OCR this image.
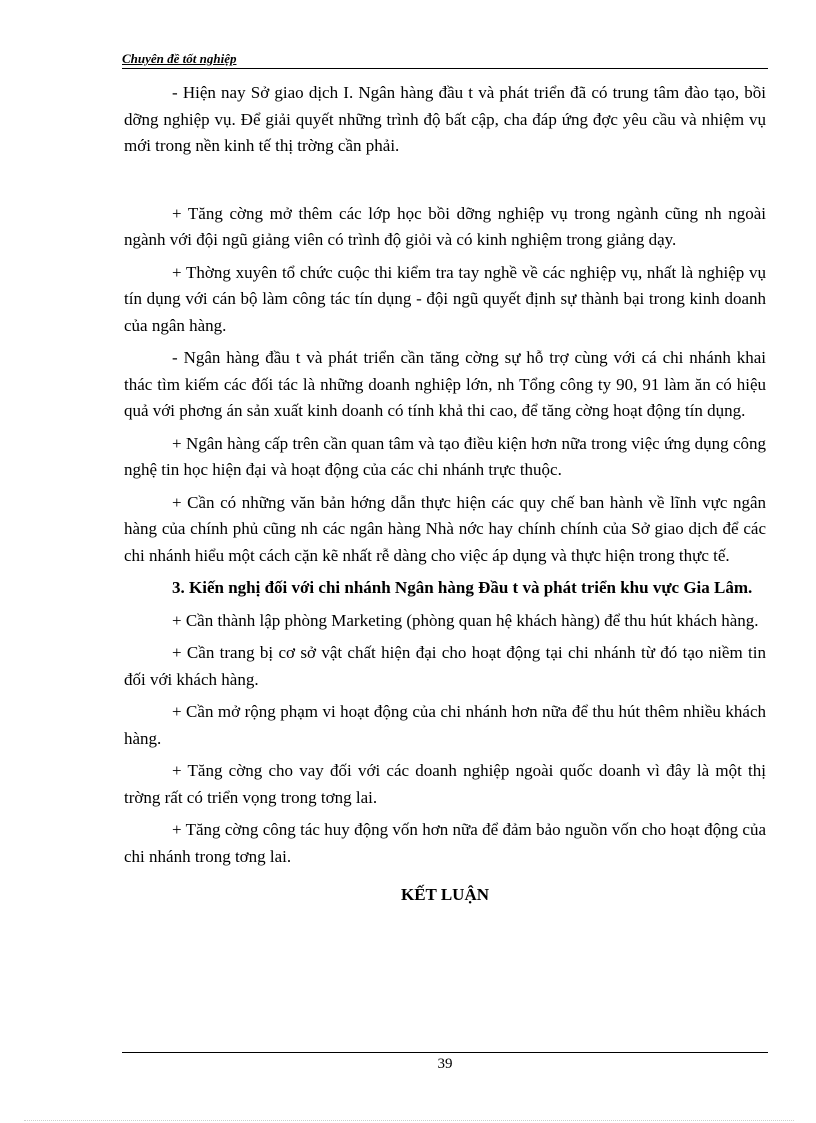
Chuyên đề tốt nghiệp

- Hiện nay Sở giao dịch I. Ngân hàng đầu t và phát triển đã có trung tâm đào tạo, bồi dỡng nghiệp vụ. Để giải quyết những trình độ bất cập, cha đáp ứng đợc yêu cầu và nhiệm vụ mới trong nền kinh tế thị trờng cần phải.

+ Tăng cờng mở thêm các lớp học bồi dỡng nghiệp vụ trong ngành cũng nh ngoài ngành với đội ngũ giảng viên có trình độ giỏi và có kinh nghiệm trong giảng dạy.

+ Thờng xuyên tổ chức cuộc thi kiểm tra tay nghề về các nghiệp vụ, nhất là nghiệp vụ tín dụng với cán bộ làm công tác tín dụng - đội ngũ quyết định sự thành bại trong kinh doanh của ngân hàng.

- Ngân hàng đầu t và phát triển cần tăng cờng sự hỗ trợ cùng với cá chi nhánh khai thác tìm kiếm các đối tác là những doanh nghiệp lớn, nh Tổng công ty 90, 91 làm ăn có hiệu quả với phơng án sản xuất kinh doanh có tính khả thi cao, để tăng cờng hoạt động tín dụng.

+ Ngân hàng cấp trên cần quan tâm và tạo điều kiện hơn nữa trong việc ứng dụng công nghệ tin học hiện đại và hoạt động của các chi nhánh trực thuộc.

+ Cần có những văn bản hớng dẫn thực hiện các quy chế ban hành về lĩnh vực ngân hàng của chính phủ cũng nh các ngân hàng Nhà nớc hay chính chính của Sở giao dịch để các chi nhánh hiểu một cách cặn kẽ nhất rễ dàng cho việc áp dụng và thực hiện trong thực tế.

3. Kiến nghị đối với chi nhánh Ngân hàng Đầu t và phát triển khu vực Gia Lâm.

+ Cần thành lập phòng Marketing (phòng quan hệ khách hàng) để thu hút khách hàng.

+ Cần trang bị cơ sở vật chất hiện đại cho hoạt động tại chi nhánh từ đó tạo niềm tin đối với khách hàng.

+ Cần mở rộng phạm vi hoạt động của chi nhánh hơn nữa để thu hút thêm nhiều khách hàng.

+ Tăng cờng cho vay đối với các doanh nghiệp ngoài quốc doanh vì đây là một thị trờng rất có triển vọng trong tơng lai.

+ Tăng cờng công tác huy động vốn hơn nữa để đảm bảo nguồn vốn cho hoạt động của chi nhánh trong tơng lai.

KẾT LUẬN

39
